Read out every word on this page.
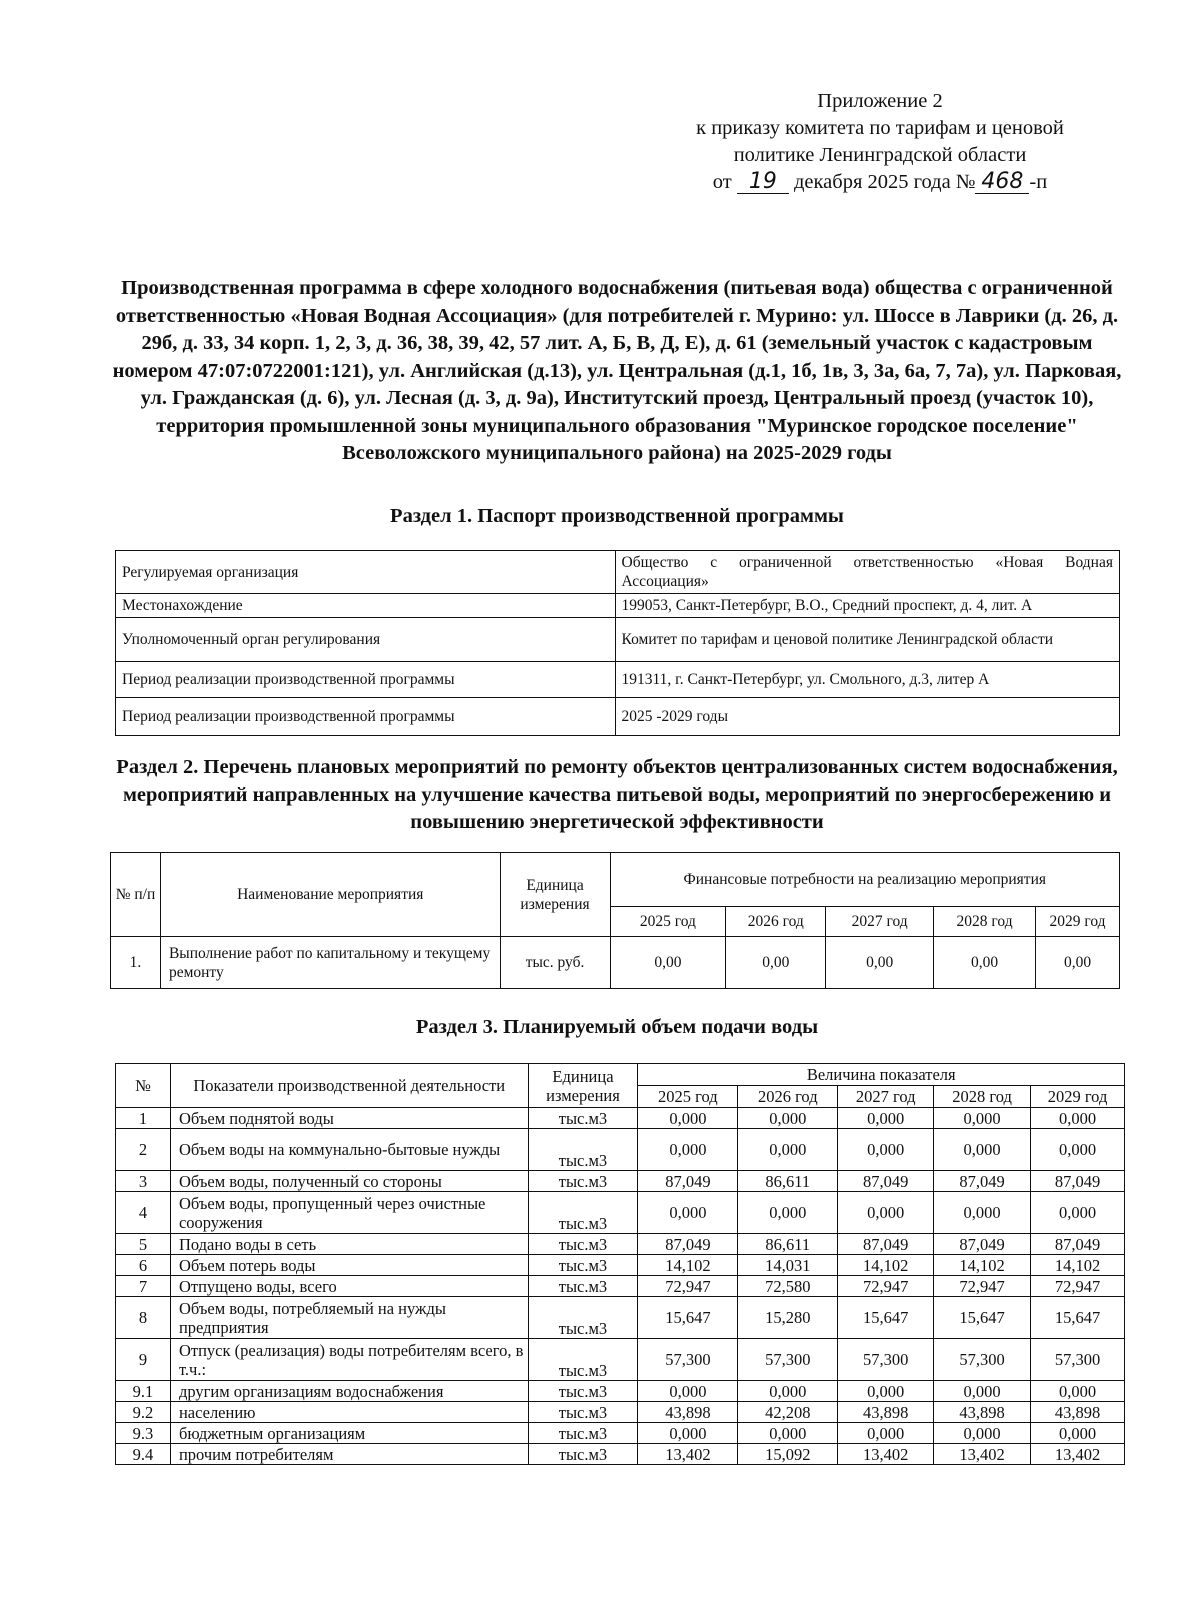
Приложение 2
к приказу комитета по тарифам и ценовой
политике Ленинградской области
от 19 декабря 2025 года № 468 -п
Производственная программа в сфере холодного водоснабжения (питьевая вода) общества с ограниченной ответственностью «Новая Водная Ассоциация» (для потребителей г. Мурино: ул. Шоссе в Лаврики (д. 26, д. 29б, д. 33, 34 корп. 1, 2, 3, д. 36, 38, 39, 42, 57 лит. А, Б, В, Д, Е), д. 61 (земельный участок с кадастровым номером 47:07:0722001:121), ул. Английская (д.13), ул. Центральная (д.1, 1б, 1в, 3, 3а, 6а, 7, 7а), ул. Парковая, ул. Гражданская (д. 6), ул. Лесная (д. 3, д. 9а), Институтский проезд, Центральный проезд (участок 10), территория промышленной зоны муниципального образования "Муринское городское поселение" Всеволожского муниципального района) на 2025-2029 годы
Раздел 1. Паспорт производственной программы
Регулируемая организация	Общество с ограниченной ответственностью «Новая Водная Ассоциация»
Местонахождение	199053, Санкт-Петербург, В.О., Средний проспект, д. 4, лит. А
Уполномоченный орган регулирования	Комитет по тарифам и ценовой политике Ленинградской области
Период реализации производственной программы	191311, г. Санкт-Петербург, ул. Смольного, д.3, литер А
Период реализации производственной программы	2025 -2029 годы
Раздел 2. Перечень плановых мероприятий по ремонту объектов централизованных систем водоснабжения, мероприятий направленных на улучшение качества питьевой воды, мероприятий по энергосбережению и повышению энергетической эффективности
№ п/п	Наименование мероприятия	Единица измерения	Финансовые потребности на реализацию мероприятия				
			2025 год	2026 год	2027 год	2028 год	2029 год
1.	Выполнение работ по капитальному и текущему ремонту	тыс. руб.	0,00	0,00	0,00	0,00	0,00
Раздел 3. Планируемый объем подачи воды
№	Показатели производственной деятельности	Единица измерения	Величина показателя				
			2025 год	2026 год	2027 год	2028 год	2029 год
1	Объем поднятой воды	тыс.м3	0,000	0,000	0,000	0,000	0,000
2	Объем воды на коммунально-бытовые нужды	тыс.м3	0,000	0,000	0,000	0,000	0,000
3	Объем воды, полученный со стороны	тыс.м3	87,049	86,611	87,049	87,049	87,049
4	Объем воды, пропущенный через очистные сооружения	тыс.м3	0,000	0,000	0,000	0,000	0,000
5	Подано воды в сеть	тыс.м3	87,049	86,611	87,049	87,049	87,049
6	Объем потерь воды	тыс.м3	14,102	14,031	14,102	14,102	14,102
7	Отпущено воды, всего	тыс.м3	72,947	72,580	72,947	72,947	72,947
8	Объем воды, потребляемый на нужды предприятия	тыс.м3	15,647	15,280	15,647	15,647	15,647
9	Отпуск (реализация) воды потребителям всего, в т.ч.:	тыс.м3	57,300	57,300	57,300	57,300	57,300
9.1	другим организациям водоснабжения	тыс.м3	0,000	0,000	0,000	0,000	0,000
9.2	населению	тыс.м3	43,898	42,208	43,898	43,898	43,898
9.3	бюджетным организациям	тыс.м3	0,000	0,000	0,000	0,000	0,000
9.4	прочим потребителям	тыс.м3	13,402	15,092	13,402	13,402	13,402
